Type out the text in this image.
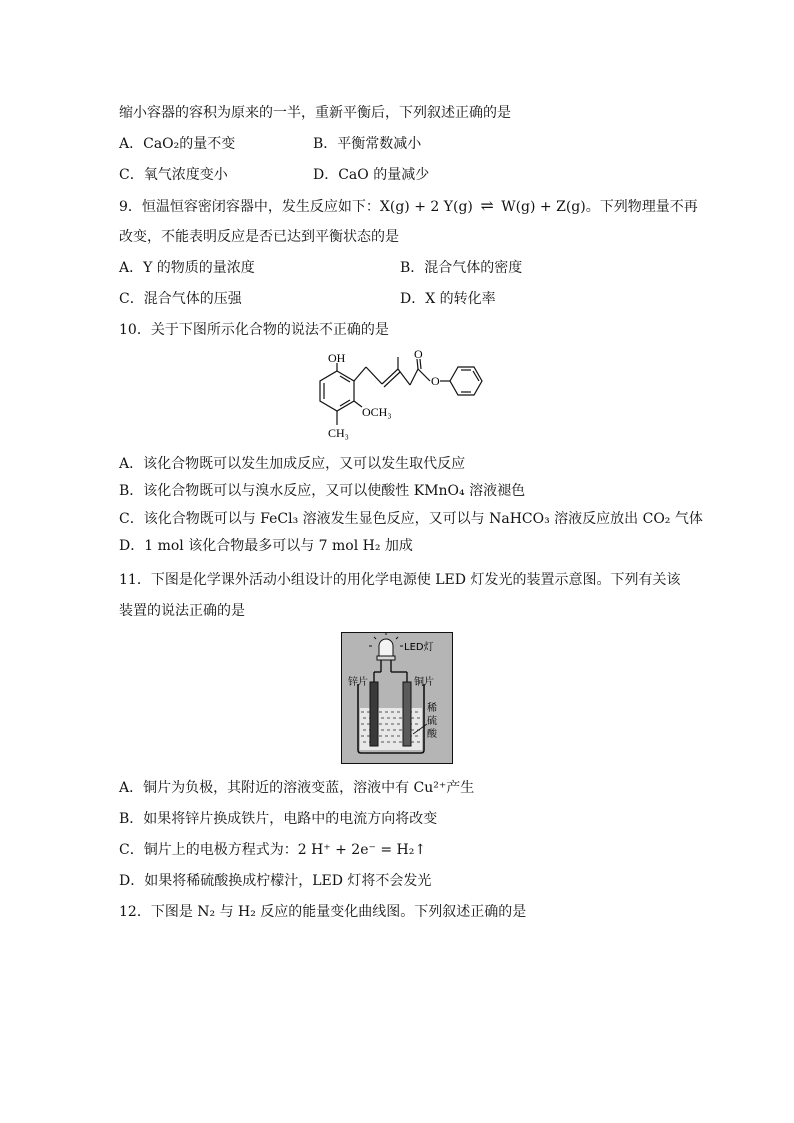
缩小容器的容积为原来的一半，重新平衡后，下列叙述正确的是
A．CaO₂的量不变	B．平衡常数减小
C．氧气浓度变小	D．CaO 的量减少
9．恒温恒容密闭容器中，发生反应如下：X(g) + 2 Y(g) ⇌ W(g) + Z(g)。下列物理量不再
改变，不能表明反应是否已达到平衡状态的是
A．Y 的物质的量浓度	B．混合气体的密度
C．混合气体的压强	D．X 的转化率
10．关于下图所示化合物的说法不正确的是
OH
OCH₃
CH₃
O
O
A．该化合物既可以发生加成反应，又可以发生取代反应
B．该化合物既可以与溴水反应，又可以使酸性 KMnO₄ 溶液褪色
C．该化合物既可以与 FeCl₃ 溶液发生显色反应，又可以与 NaHCO₃ 溶液反应放出 CO₂ 气体
D．1 mol 该化合物最多可以与 7 mol H₂ 加成
11．下图是化学课外活动小组设计的用化学电源使 LED 灯发光的装置示意图。下列有关该
装置的说法正确的是
LED灯
锌片	铜片
稀
硫
酸
A．铜片为负极，其附近的溶液变蓝，溶液中有 Cu²⁺产生
B．如果将锌片换成铁片，电路中的电流方向将改变
C．铜片上的电极方程式为：2 H⁺ + 2e⁻ = H₂↑
D．如果将稀硫酸换成柠檬汁，LED 灯将不会发光
12．下图是 N₂ 与 H₂ 反应的能量变化曲线图。下列叙述正确的是
